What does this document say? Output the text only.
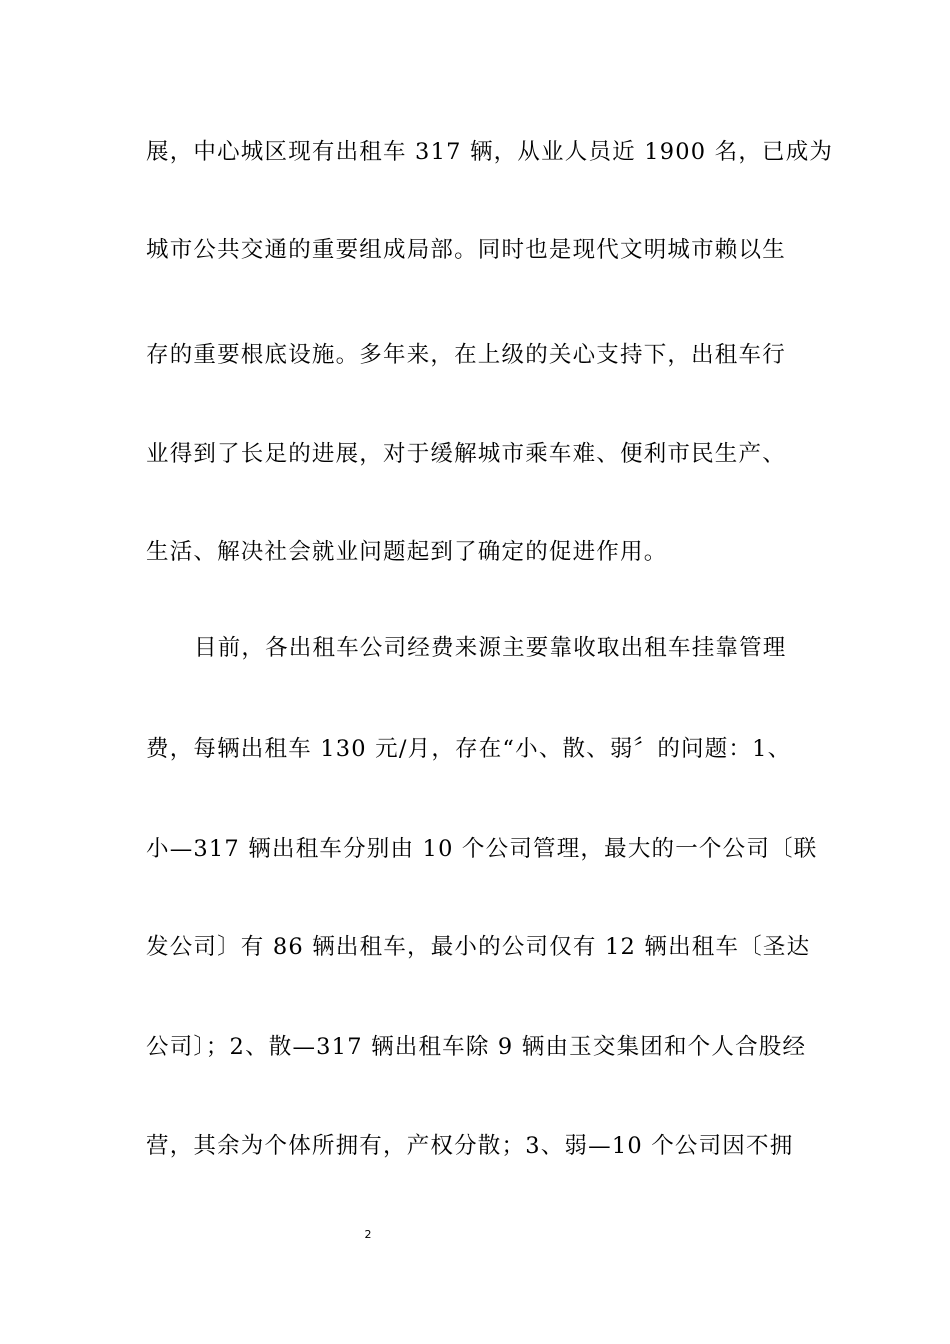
展，中心城区现有出租车 317 辆，从业人员近 1900 名，已成为
城市公共交通的重要组成局部。同时也是现代文明城市赖以生
存的重要根底设施。多年来，在上级的关心支持下，出租车行
业得到了长足的进展，对于缓解城市乘车难、便利市民生产、
生活、解决社会就业问题起到了确定的促进作用。
目前，各出租车公司经费来源主要靠收取出租车挂靠管理
费，每辆出租车 130 元/月，存在“小、散、弱〞的问题：1、
小—317 辆出租车分别由 10 个公司管理，最大的一个公司〔联
发公司〕有 86 辆出租车，最小的公司仅有 12 辆出租车〔圣达
公司〕；2、散—317 辆出租车除 9 辆由玉交集团和个人合股经
营，其余为个体所拥有，产权分散；3、弱—10 个公司因不拥
2
